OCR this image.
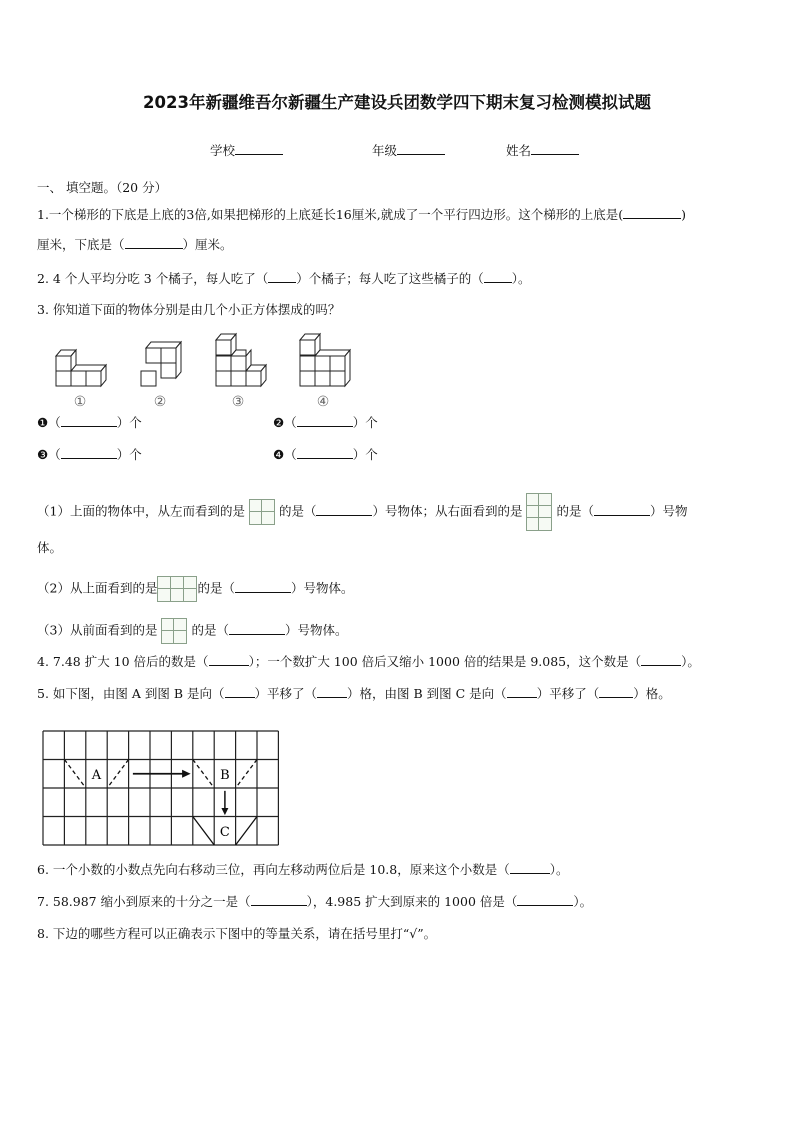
2023年新疆维吾尔新疆生产建设兵团数学四下期末复习检测模拟试题
学校	年级	姓名
一、 填空题。（20 分）
1.一个梯形的下底是上底的3倍,如果把梯形的上底延长16厘米,就成了一个平行四边形。这个梯形的上底是(	)
厘米，下底是（	）厘米。
2. 4 个人平均分吃 3 个橘子，每人吃了（ ）个橘子；每人吃了这些橘子的（ ）。
3. 你知道下面的物体分别是由几个小正方体摆成的吗？
①	②	③	④
❶（	）个	❷（	）个
❸（	）个	❹（	）个
（1）上面的物体中，从左而看到的是	的是（	）号物体；从右面看到的是	的是（	）号物
体。
（2）从上面看到的是	的是（	）号物体。
（3）从前面看到的是	的是（	）号物体。
4. 7.48 扩大 10 倍后的数是（	）；一个数扩大 100 倍后又缩小 1000 倍的结果是 9.085，这个数是（	）。
5. 如下图，由图 A 到图 B 是向（ ）平移了（ ）格，由图 B 到图 C 是向（ ）平移了（	）格。
A	B
C
6. 一个小数的小数点先向右移动三位，再向左移动两位后是 10.8，原来这个小数是（	）。
7. 58.987 缩小到原来的十分之一是（	），4.985 扩大到原来的 1000 倍是（	）。
8. 下边的哪些方程可以正确表示下图中的等量关系，请在括号里打“√”。
